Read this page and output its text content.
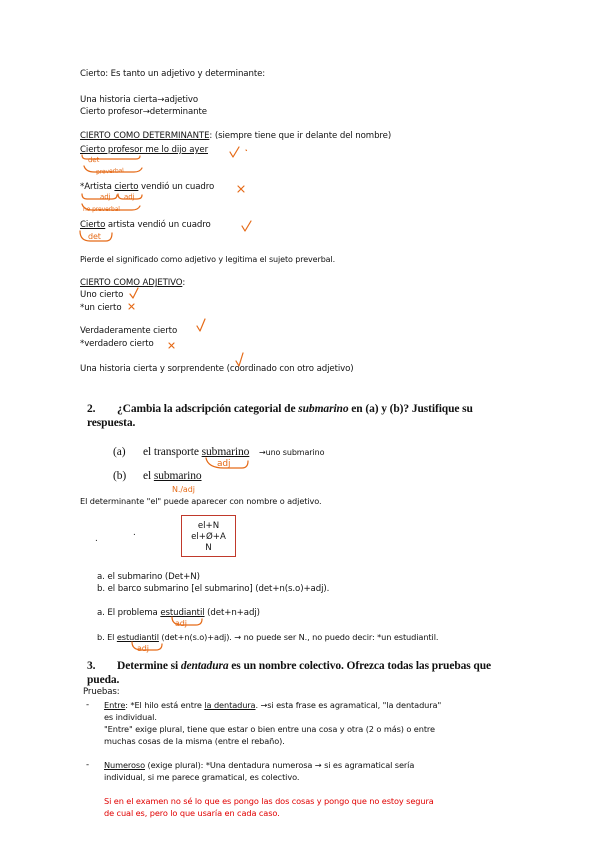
Cierto: Es tanto un adjetivo y determinante:
Una historia cierta→adjetivo
Cierto profesor→determinante
CIERTO COMO DETERMINANTE: (siempre tiene que ir delante del nombre)
Cierto profesor me lo dijo ayer
det
preverbal
*Artista cierto vendió un cuadro
adj adj
no preverbal
Cierto artista vendió un cuadro
det
Pierde el significado como adjetivo y legitima el sujeto preverbal.
CIERTO COMO ADJETIVO:
Uno cierto
*un cierto
Verdaderamente cierto
*verdadero cierto
Una historia cierta y sorprendente (coordinado con otro adjetivo)
2. ¿Cambia la adscripción categorial de submarino en (a) y (b)? Justifique su
respuesta.
(a) el transporte submarino →uno submarino
adj
(b) el submarino
N./adj
El determinante "el" puede aparecer con nombre o adjetivo.
.
.
el+N
el+Ø+A
N
a. el submarino (Det+N)
b. el barco submarino [el submarino] (det+n(s.o)+adj).
a. El problema estudiantil (det+n+adj)
adj
b. El estudiantil (det+n(s.o)+adj). → no puede ser N., no puedo decir: *un estudiantil.
adj
3. Determine si dentadura es un nombre colectivo. Ofrezca todas las pruebas que
pueda.
Pruebas:
- Entre: *El hilo está entre la dentadura. →si esta frase es agramatical, "la dentadura"
es individual.
"Entre" exige plural, tiene que estar o bien entre una cosa y otra (2 o más) o entre
muchas cosas de la misma (entre el rebaño).
- Numeroso (exige plural): *Una dentadura numerosa → si es agramatical sería
individual, si me parece gramatical, es colectivo.
Si en el examen no sé lo que es pongo las dos cosas y pongo que no estoy segura
de cual es, pero lo que usaría en cada caso.
